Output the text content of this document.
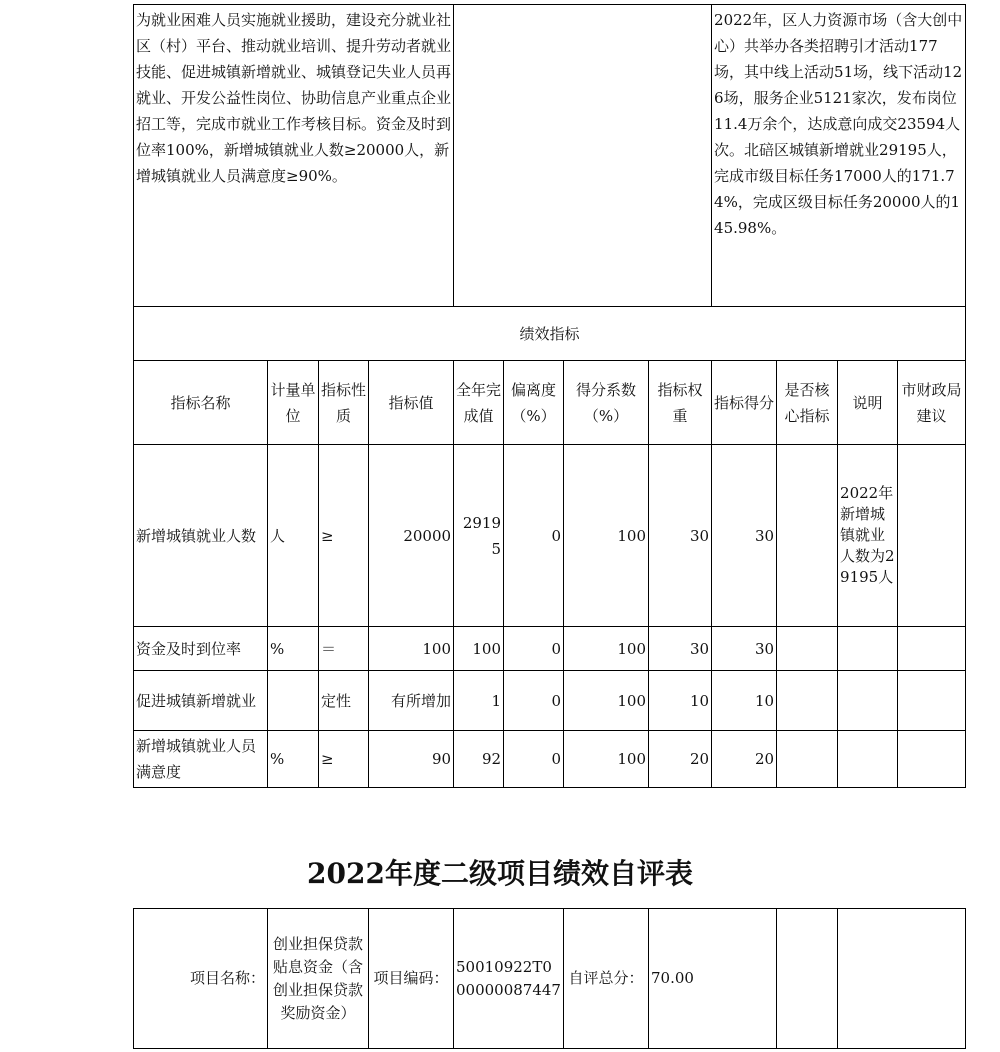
为就业困难人员实施就业援助，建设充分就业社区（村）平台、推动就业培训、提升劳动者就业技能、促进城镇新增就业、城镇登记失业人员再就业、开发公益性岗位、协助信息产业重点企业招工等，完成市就业工作考核目标。资金及时到位率100%，新增城镇就业人数≥20000人，新增城镇就业人员满意度≥90%。								2022年，区人力资源市场（含大创中心）共举办各类招聘引才活动177场，其中线上活动51场，线下活动126场，服务企业5121家次，发布岗位11.4万余个，达成意向成交23594人次。北碚区城镇新增就业29195人，完成市级目标任务17000人的171.74%，完成区级目标任务20000人的145.98%。			
绩效指标											
指标名称	计量单位	指标性质	指标值	全年完成值	偏离度（%）	得分系数（%）	指标权重	指标得分	是否核心指标	说明	市财政局建议
新增城镇就业人数	人	≥	20000	29195	0	100	30	30		2022年新增城镇就业人数为29195人	
资金及时到位率	%	＝	100	100	0	100	30	30			
促进城镇新增就业		定性	有所增加	1	0	100	10	10			
新增城镇就业人员满意度	%	≥	90	92	0	100	20	20			
2022年度二级项目绩效自评表
项目名称：	创业担保贷款贴息资金（含创业担保贷款奖励资金）	项目编码：	50010922T000000087447	自评总分：	70.00		
